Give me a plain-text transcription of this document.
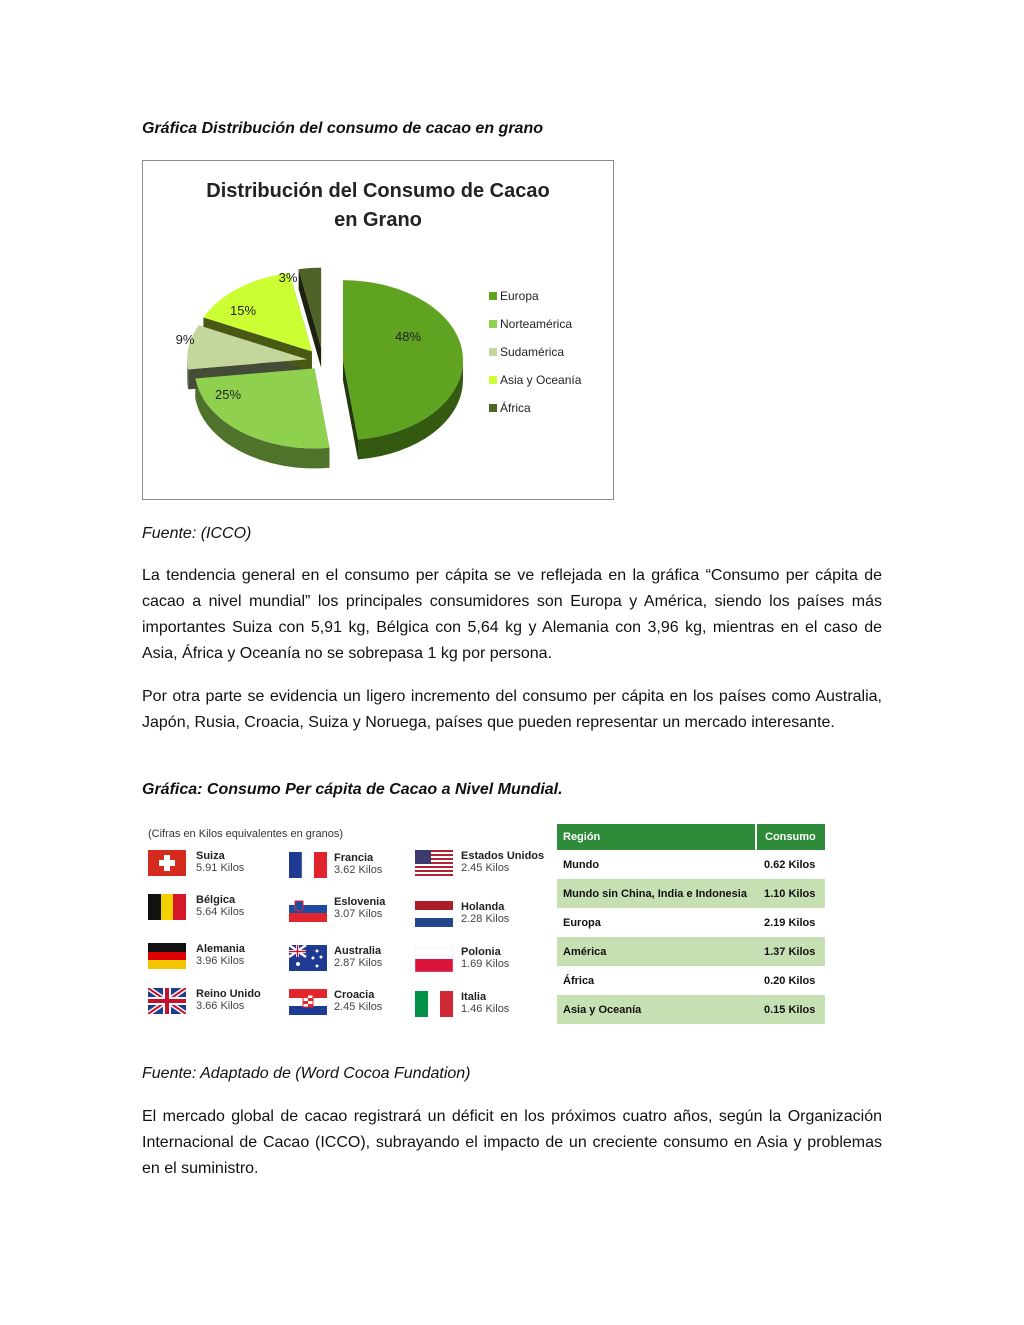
Gráfica Distribución del consumo de cacao en grano
Distribución del Consumo de Cacao
en Grano
48%
25%
9%
15%
3%
Europa
Norteamérica
Sudamérica
Asia y Oceanía
África
Fuente: (ICCO)
La tendencia general en el consumo per cápita se ve reflejada en la gráfica “Consumo per cápita de cacao a nivel mundial” los principales consumidores son Europa y América, siendo los países más importantes Suiza con 5,91 kg, Bélgica con 5,64 kg y Alemania con 3,96 kg, mientras en el caso de Asia, África y Oceanía no se sobrepasa 1 kg por persona.
Por otra parte se evidencia un ligero incremento del consumo per cápita en los países como Australia, Japón, Rusia, Croacia, Suiza y Noruega, países que pueden representar un mercado interesante.
Gráfica: Consumo Per cápita de Cacao a Nivel Mundial.
(Cifras en Kilos equivalentes en granos)
Suiza
5.91 Kilos
Bélgica
5.64 Kilos
Alemania
3.96 Kilos
Reino Unido
3.66 Kilos
Francia
3.62 Kilos
Eslovenia
3.07 Kilos
Australia
2.87 Kilos
Croacia
2.45 Kilos
Estados Unidos
2.45 Kilos
Holanda
2.28 Kilos
Polonia
1.69 Kilos
Italia
1.46 Kilos
Región	Consumo
Mundo	0.62 Kilos
Mundo sin China, India e Indonesia	1.10 Kilos
Europa	2.19 Kilos
América	1.37 Kilos
África	0.20 Kilos
Asia y Oceanía	0.15 Kilos
Fuente: Adaptado de (Word Cocoa Fundation)
El mercado global de cacao registrará un déficit en los próximos cuatro años, según la Organización Internacional de Cacao (ICCO), subrayando el impacto de un creciente consumo en Asia y problemas en el suministro.
